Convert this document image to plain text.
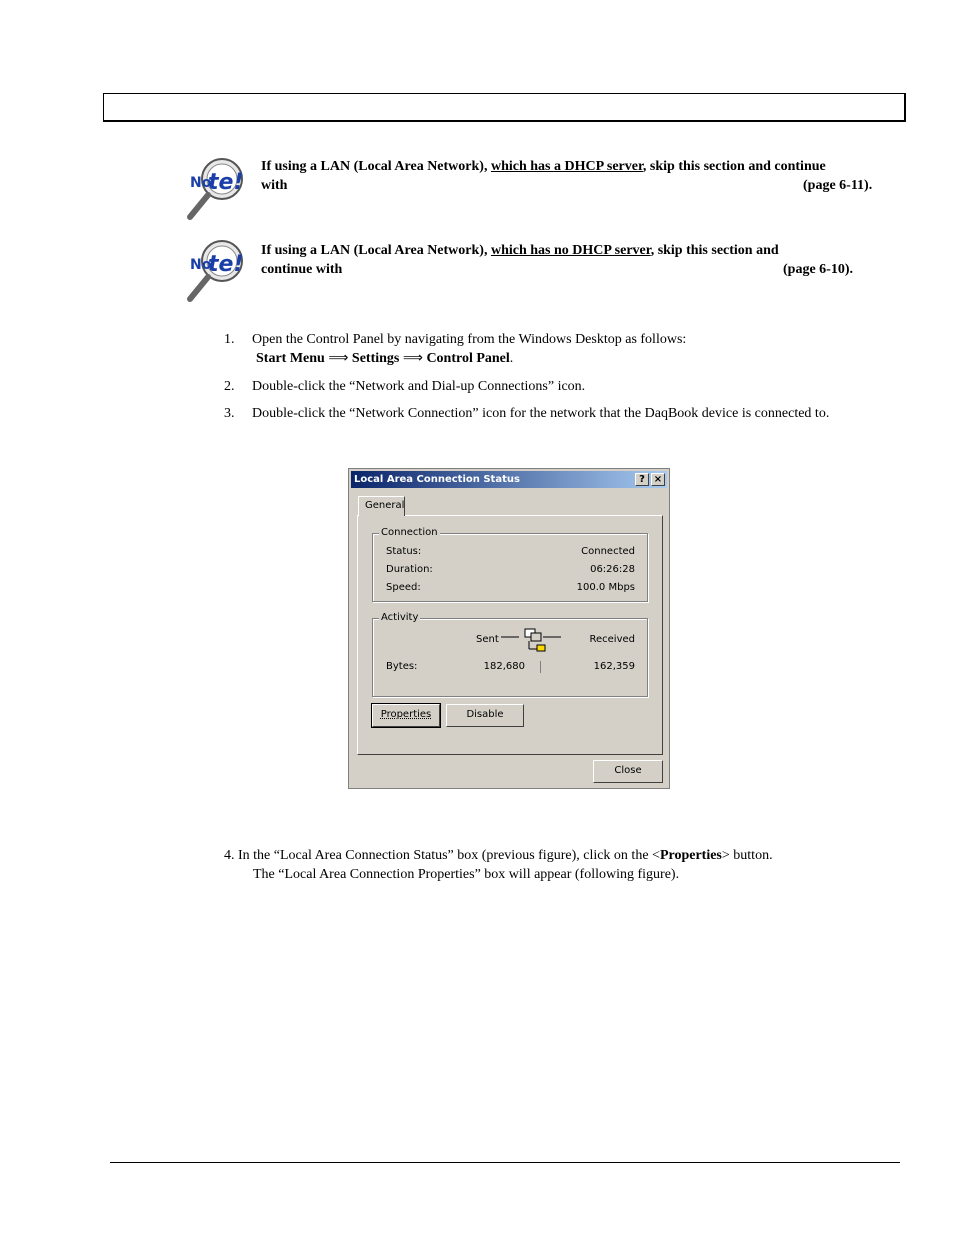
No
te!
If using a LAN (Local Area Network), which has a DHCP server, skip this section and continue
with	(page 6-11).
No
te!
If using a LAN (Local Area Network), which has no DHCP server, skip this section and
continue with	(page 6-10).
1. Open the Control Panel by navigating from the Windows Desktop as follows:
Start Menu ⟹ Settings ⟹ Control Panel.
2. Double-click the “Network and Dial-up Connections” icon.
3. Double-click the “Network Connection” icon for the network that the DaqBook device is connected to.
Local Area Connection Status	? ×
General
Connection
Status:	Connected
Duration:	06:26:28
Speed:	100.0 Mbps
Activity
Sent	Received
Bytes:	182,680	162,359
Properties	Disable
Close
4. In the “Local Area Connection Status” box (previous figure), click on the <Properties> button.
The “Local Area Connection Properties” box will appear (following figure).
